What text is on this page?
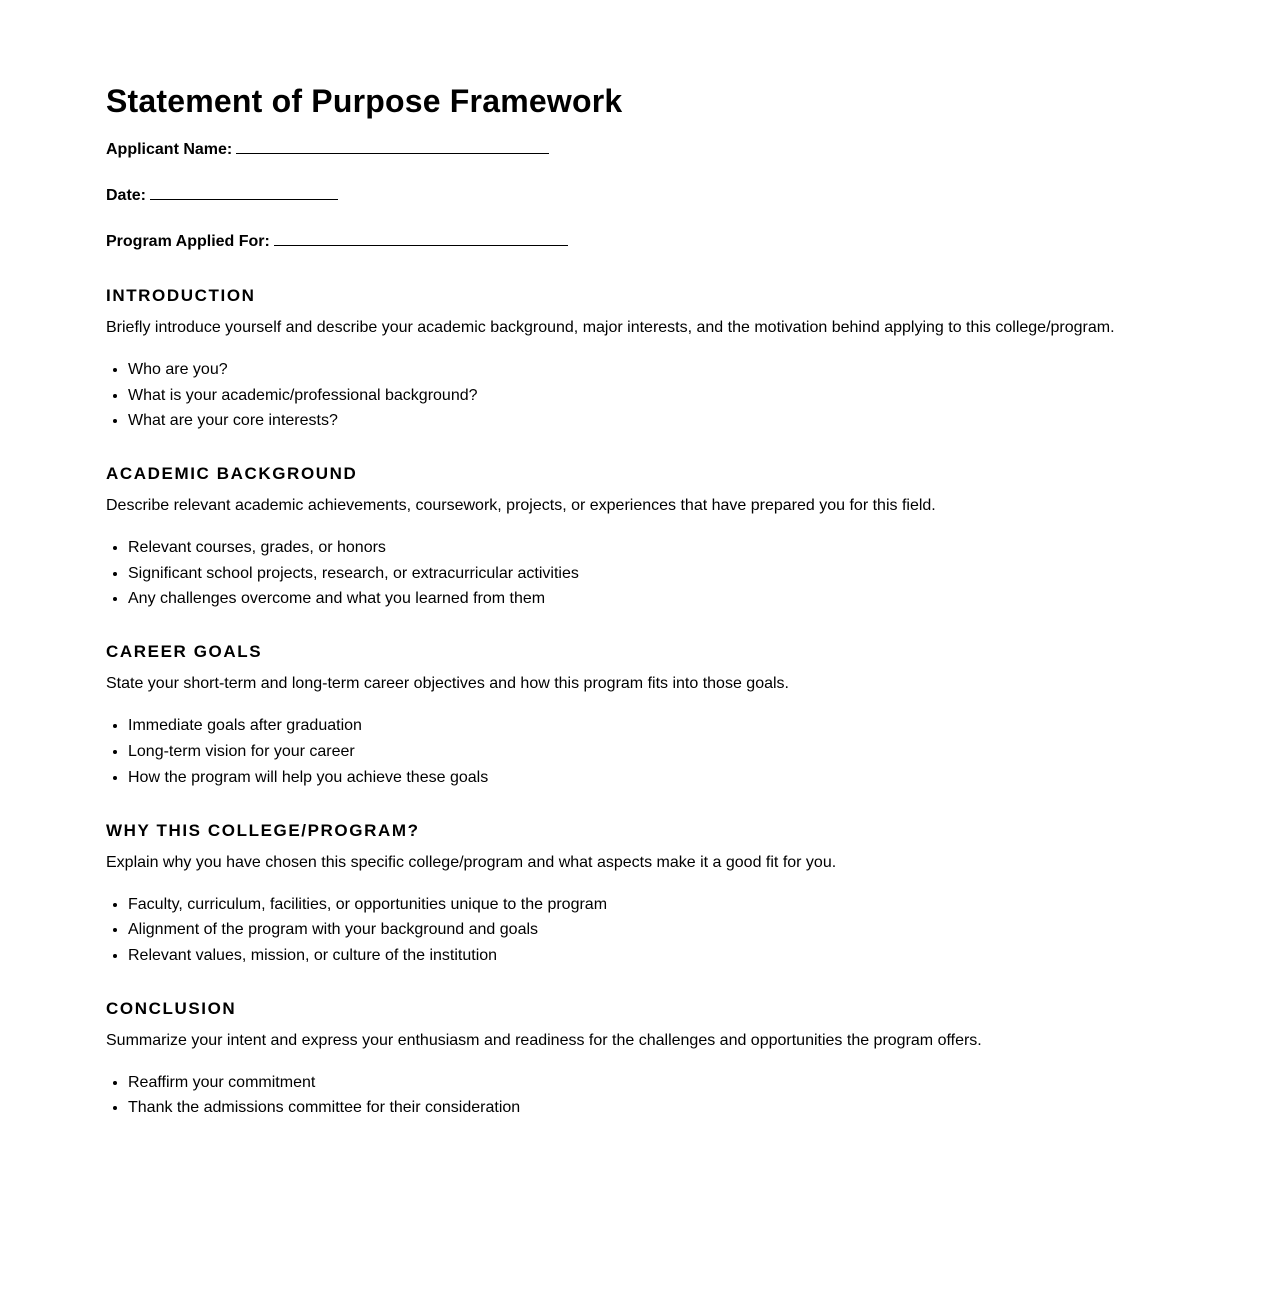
Statement of Purpose Framework
Applicant Name:
Date:
Program Applied For:
INTRODUCTION

Briefly introduce yourself and describe your academic background, major interests, and the motivation behind applying to this college/program.

• Who are you?
• What is your academic/professional background?
• What are your core interests?
ACADEMIC BACKGROUND

Describe relevant academic achievements, coursework, projects, or experiences that have prepared you for this field.

• Relevant courses, grades, or honors
• Significant school projects, research, or extracurricular activities
• Any challenges overcome and what you learned from them
CAREER GOALS

State your short-term and long-term career objectives and how this program fits into those goals.

• Immediate goals after graduation
• Long-term vision for your career
• How the program will help you achieve these goals
WHY THIS COLLEGE/PROGRAM?

Explain why you have chosen this specific college/program and what aspects make it a good fit for you.

• Faculty, curriculum, facilities, or opportunities unique to the program
• Alignment of the program with your background and goals
• Relevant values, mission, or culture of the institution
CONCLUSION

Summarize your intent and express your enthusiasm and readiness for the challenges and opportunities the program offers.

• Reaffirm your commitment
• Thank the admissions committee for their consideration
